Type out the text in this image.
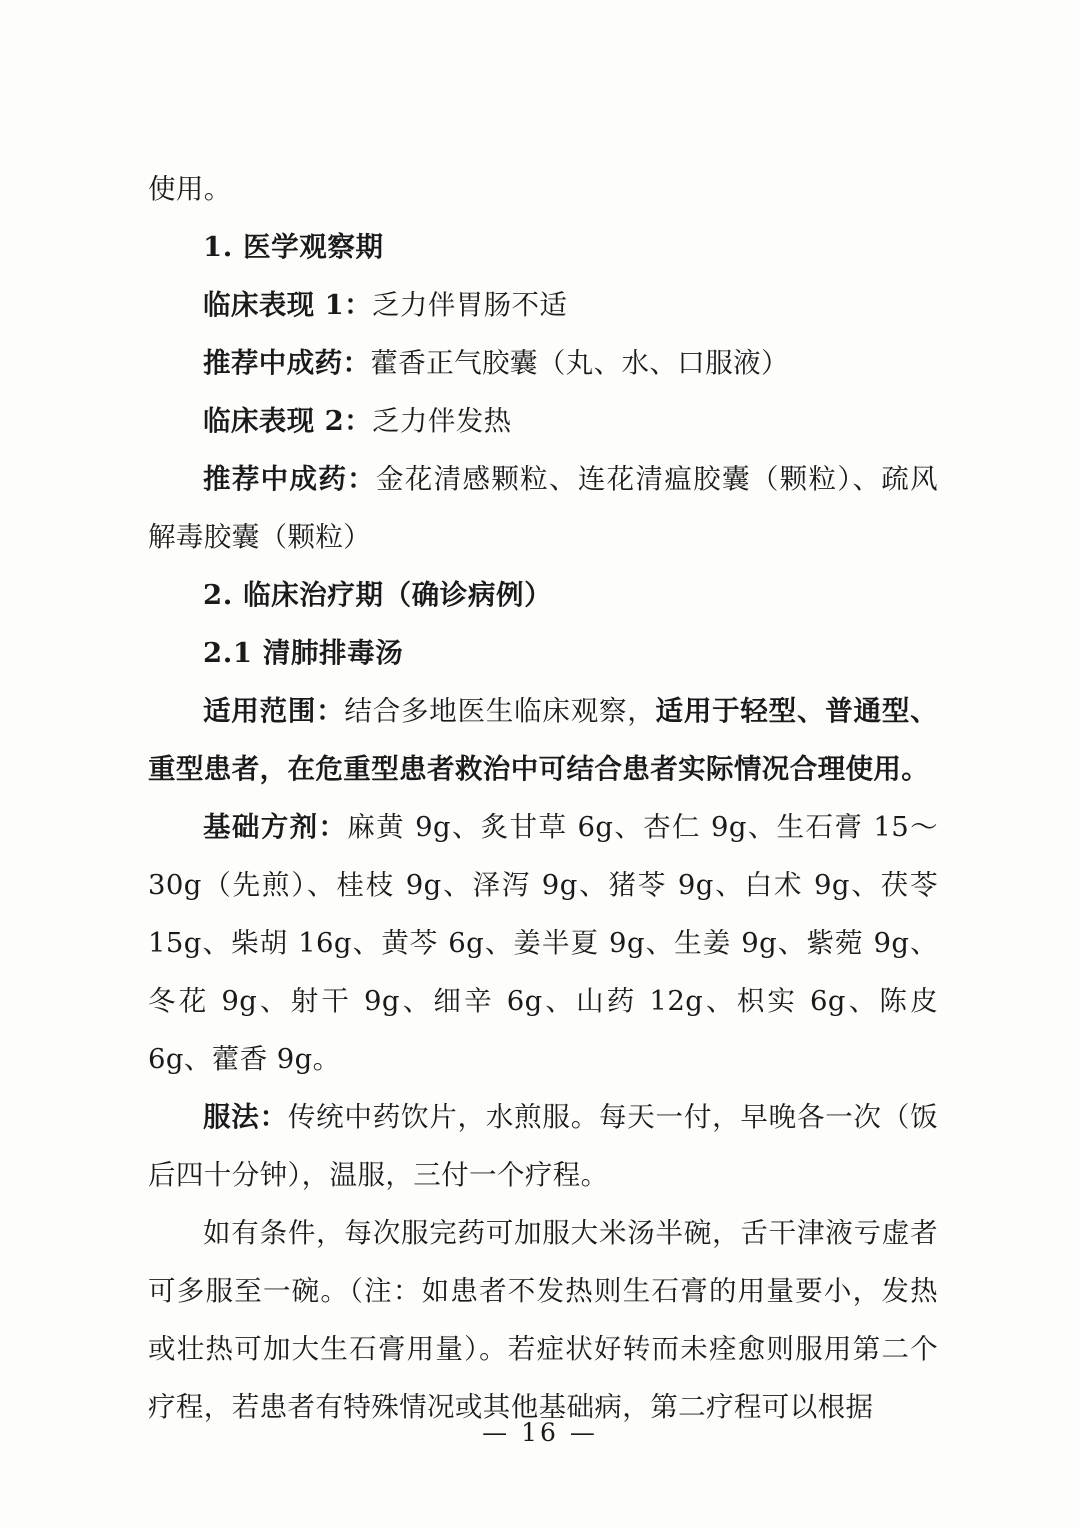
使用。

1. 医学观察期

临床表现 1：乏力伴胃肠不适

推荐中成药：藿香正气胶囊（丸、水、口服液）

临床表现 2：乏力伴发热

推荐中成药：金花清感颗粒、连花清瘟胶囊（颗粒）、疏风解毒胶囊（颗粒）

2. 临床治疗期（确诊病例）

2.1 清肺排毒汤

适用范围：结合多地医生临床观察，适用于轻型、普通型、重型患者，在危重型患者救治中可结合患者实际情况合理使用。

基础方剂：麻黄 9g、炙甘草 6g、杏仁 9g、生石膏 15～30g（先煎）、桂枝 9g、泽泻 9g、猪苓 9g、白术 9g、茯苓 15g、柴胡 16g、黄芩 6g、姜半夏 9g、生姜 9g、紫菀 9g、冬花 9g、射干 9g、细辛 6g、山药 12g、枳实 6g、陈皮 6g、藿香 9g。

服法：传统中药饮片，水煎服。每天一付，早晚各一次（饭后四十分钟），温服，三付一个疗程。

如有条件，每次服完药可加服大米汤半碗，舌干津液亏虚者可多服至一碗。（注：如患者不发热则生石膏的用量要小，发热或壮热可加大生石膏用量）。若症状好转而未痊愈则服用第二个疗程，若患者有特殊情况或其他基础病，第二疗程可以根据

— 16 —
